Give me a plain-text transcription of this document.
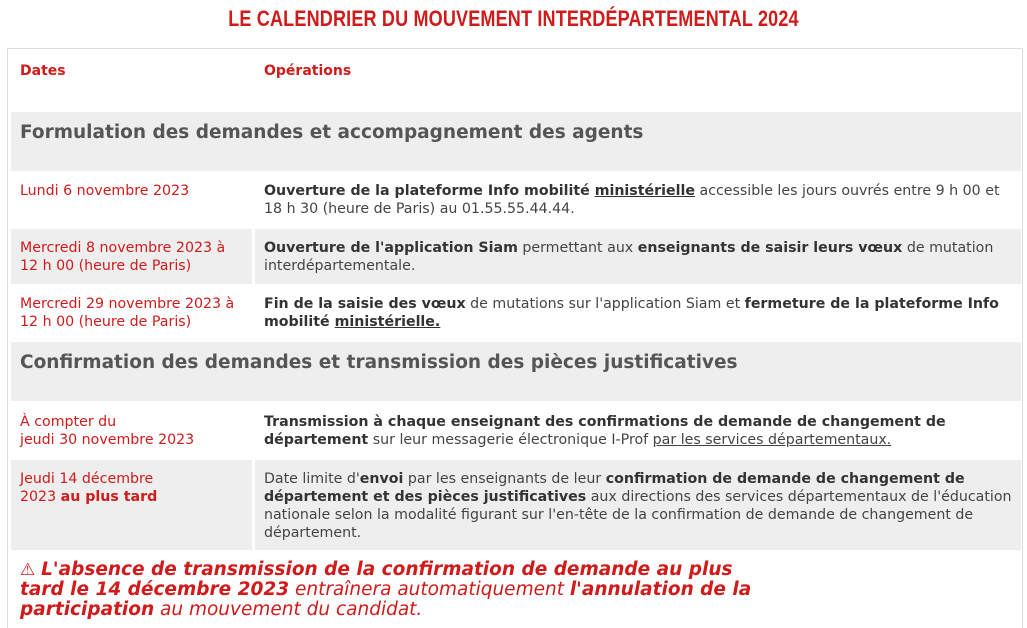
LE CALENDRIER DU MOUVEMENT INTERDÉPARTEMENTAL 2024
Dates	Opérations
Formulation des demandes et accompagnement des agents
Lundi 6 novembre 2023	Ouverture de la plateforme Info mobilité ministérielle accessible les jours ouvrés entre 9 h 00 et 18 h 30 (heure de Paris) au 01.55.55.44.44.
Mercredi 8 novembre 2023 à 12 h 00 (heure de Paris)
Ouverture de l'application Siam permettant aux enseignants de saisir leurs vœux de mutation interdépartementale.
Mercredi 29 novembre 2023 à 12 h 00 (heure de Paris)
Fin de la saisie des vœux de mutations sur l'application Siam et fermeture de la plateforme Info mobilité ministérielle.
Confirmation des demandes et transmission des pièces justificatives
À compter du
jeudi 30 novembre 2023
Transmission à chaque enseignant des confirmations de demande de changement de département sur leur messagerie électronique I-Prof par les services départementaux.
Jeudi 14 décembre
2023 au plus tard
Date limite d'envoi par les enseignants de leur confirmation de demande de changement de département et des pièces justificatives aux directions des services départementaux de l'éducation nationale selon la modalité figurant sur l'en-tête de la confirmation de demande de changement de département.
⚠ L'absence de transmission de la confirmation de demande au plus tard le 14 décembre 2023 entraînera automatiquement l'annulation de la participation au mouvement du candidat.
